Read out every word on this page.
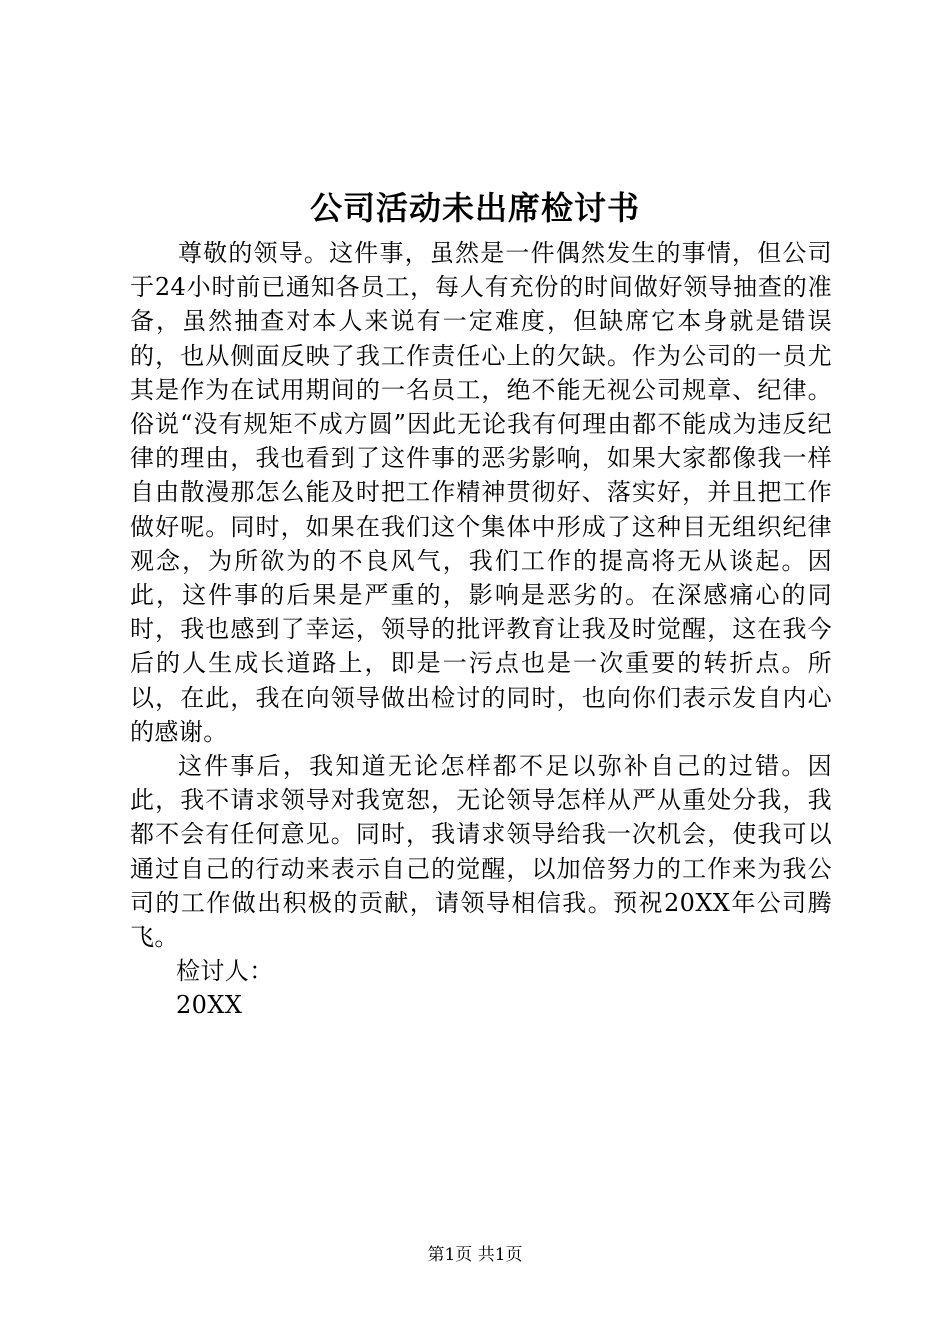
公司活动未出席检讨书

尊敬的领导。这件事，虽然是一件偶然发生的事情，但公司于24小时前已通知各员工，每人有充份的时间做好领导抽查的准备，虽然抽查对本人来说有一定难度，但缺席它本身就是错误的，也从侧面反映了我工作责任心上的欠缺。作为公司的一员尤其是作为在试用期间的一名员工，绝不能无视公司规章、纪律。俗说“没有规矩不成方圆”因此无论我有何理由都不能成为违反纪律的理由，我也看到了这件事的恶劣影响，如果大家都像我一样自由散漫那怎么能及时把工作精神贯彻好、落实好，并且把工作做好呢。同时，如果在我们这个集体中形成了这种目无组织纪律观念，为所欲为的不良风气，我们工作的提高将无从谈起。因此，这件事的后果是严重的，影响是恶劣的。在深感痛心的同时，我也感到了幸运，领导的批评教育让我及时觉醒，这在我今后的人生成长道路上，即是一污点也是一次重要的转折点。所以，在此，我在向领导做出检讨的同时，也向你们表示发自内心的感谢。

这件事后，我知道无论怎样都不足以弥补自己的过错。因此，我不请求领导对我宽恕，无论领导怎样从严从重处分我，我都不会有任何意见。同时，我请求领导给我一次机会，使我可以通过自己的行动来表示自己的觉醒，以加倍努力的工作来为我公司的工作做出积极的贡献，请领导相信我。预祝20XX年公司腾飞。

检讨人：
20XX
第1页 共1页
